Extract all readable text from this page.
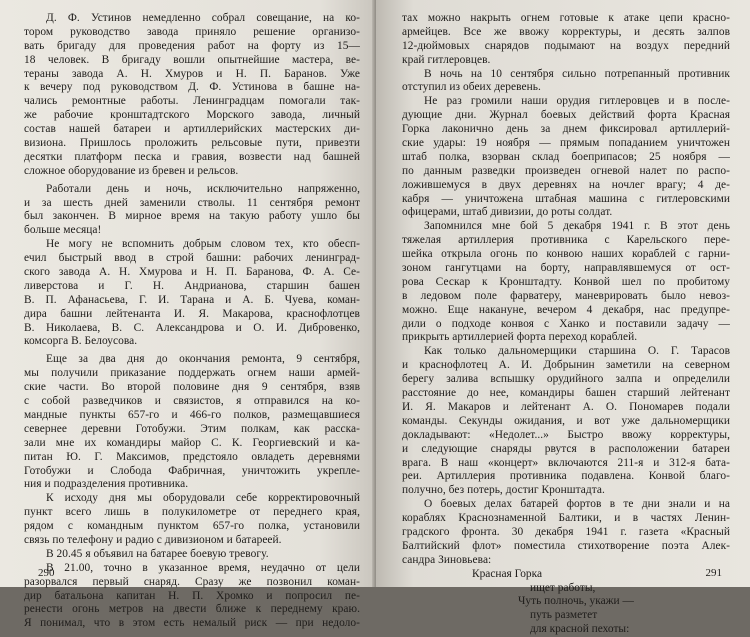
Д. Ф. Устинов немедленно собрал совещание, на ко-
тором руководство завода приняло решение организо-
вать бригаду для проведения работ на форту из 15—
18 человек. В бригаду вошли опытнейшие мастера, ве-
тераны завода А. Н. Хмуров и Н. П. Баранов. Уже
к вечеру под руководством Д. Ф. Устинова в башне на-
чались ремонтные работы. Ленинградцам помогали так-
же рабочие кронштадтского Морского завода, личный
состав нашей батареи и артиллерийских мастерских ди-
визиона. Пришлось проложить рельсовые пути, привезти
десятки платформ песка и гравия, возвести над башней
сложное оборудование из бревен и рельсов.
Работали день и ночь, исключительно напряженно,
и за шесть дней заменили стволы. 11 сентября ремонт
был закончен. В мирное время на такую работу ушло бы
больше месяца!
Не могу не вспомнить добрым словом тех, кто обесп-
ечил быстрый ввод в строй башни: рабочих ленинград-
ского завода А. Н. Хмурова и Н. П. Баранова, Ф. А. Се-
ливерстова и Г. Н. Андрианова, старшин башен
В. П. Афанасьева, Г. И. Тарана и А. Б. Чуева, коман-
дира башни лейтенанта И. Я. Макарова, краснофлотцев
В. Николаева, В. С. Александрова и О. И. Дибровенко,
комсорга В. Белоусова.
Еще за два дня до окончания ремонта, 9 сентября,
мы получили приказание поддержать огнем наши армей-
ские части. Во второй половине дня 9 сентября, взяв
с собой разведчиков и связистов, я отправился на ко-
мандные пункты 657-го и 466-го полков, размещавшиеся
севернее деревни Готобужи. Этим полкам, как расска-
зали мне их командиры майор С. К. Георгиевский и ка-
питан Ю. Г. Максимов, предстояло овладеть деревнями
Готобужи и Слобода Фабричная, уничтожить укрепле-
ния и подразделения противника.
К исходу дня мы оборудовали себе корректировочный
пункт всего лишь в полукилометре от переднего края,
рядом с командным пунктом 657-го полка, установили
связь по телефону и радио с дивизионом и батареей.
В 20.45 я объявил на батарее боевую тревогу.
В 21.00, точно в указанное время, неудачно от цели
разорвался первый снаряд. Сразу же позвонил коман-
дир батальона капитан Н. П. Хромко и попросил пе-
ренести огонь метров на двести ближе к переднему краю.
Я понимал, что в этом есть немалый риск — при недоло-
290
тах можно накрыть огнем готовые к атаке цепи красно-
армейцев. Все же ввожу корректуры, и десять залпов
12-дюймовых снарядов подымают на воздух передний
край гитлеровцев.
В ночь на 10 сентября сильно потрепанный противник
отступил из обеих деревень.
Не раз громили наши орудия гитлеровцев и в после-
дующие дни. Журнал боевых действий форта Красная
Горка лаконично день за днем фиксировал артиллерий-
ские удары: 19 ноября — прямым попаданием уничтожен
штаб полка, взорван склад боеприпасов; 25 ноября —
по данным разведки произведен огневой налет по распо-
ложившемуся в двух деревнях на ночлег врагу; 4 де-
кабря — уничтожена штабная машина с гитлеровскими
офицерами, штаб дивизии, до роты солдат.
Запомнился мне бой 5 декабря 1941 г. В этот день
тяжелая артиллерия противника с Карельского пере-
шейка открыла огонь по конвою наших кораблей с гарни-
зоном гангутцами на борту, направлявшемуся от ост-
рова Сескар к Кронштадту. Конвой шел по пробитому
в ледовом поле фарватеру, маневрировать было невоз-
можно. Еще накануне, вечером 4 декабря, нас предупре-
дили о подходе конвоя с Ханко и поставили задачу —
прикрыть артиллерией форта переход кораблей.
Как только дальномерщики старшина О. Г. Тарасов
и краснофлотец А. И. Добрынин заметили на северном
берегу залива вспышку орудийного залпа и определили
расстояние до нее, командиры башен старший лейтенант
И. Я. Макаров и лейтенант А. О. Пономарев подали
команды. Секунды ожидания, и вот уже дальномерщики
докладывают: «Недолет...» Быстро ввожу корректуры,
и следующие снаряды рвутся в расположении батареи
врага. В наш «концерт» включаются 211-я и 312-я бата-
реи. Артиллерия противника подавлена. Конвой благо-
получно, без потерь, достиг Кронштадта.
О боевых делах батарей фортов в те дни знали и на
кораблях Краснознаменной Балтики, и в частях Ленин-
градского фронта. 30 декабря 1941 г. газета «Красный
Балтийский флот» поместила стихотворение поэта Алек-
сандра Зиновьева:
Красная Горка
ищет работы,
Чуть полночь, укажи —
путь разметет
для красной пехоты:
291
